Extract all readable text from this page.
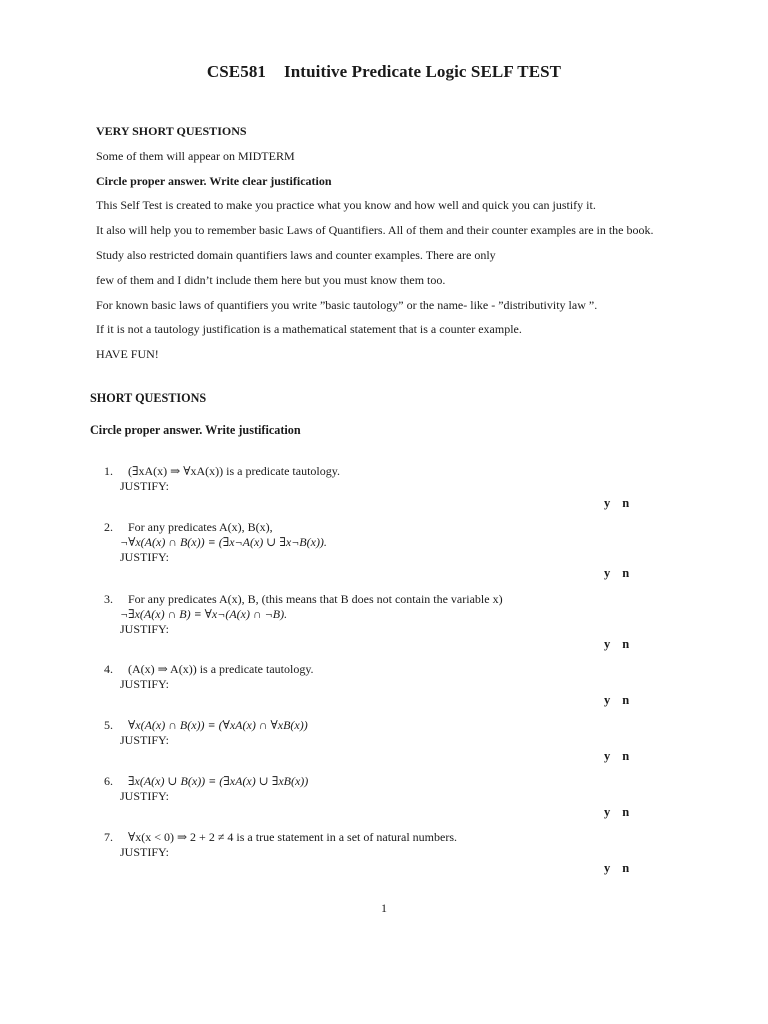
CSE581 Intuitive Predicate Logic SELF TEST
VERY SHORT QUESTIONS
Some of them will appear on MIDTERM
Circle proper answer. Write clear justification
This Self Test is created to make you practice what you know and how well and quick you can justify it.
It also will help you to remember basic Laws of Quantifiers. All of them and their counter examples are in the book.
Study also restricted domain quantifiers laws and counter examples. There are only
few of them and I didn’t include them here but you must know them too.
For known basic laws of quantifiers you write ”basic tautology” or the name- like - ”distributivity law ”.
If it is not a tautology justification is a mathematical statement that is a counter example.
HAVE FUN!
SHORT QUESTIONS
Circle proper answer. Write justification
1. (∃xA(x) ⇒ ∀xA(x)) is a predicate tautology.
JUSTIFY:
y n
2. For any predicates A(x), B(x),
¬∀x(A(x) ∩ B(x)) ≡ (∃x¬A(x) ∪ ∃x¬B(x)).
JUSTIFY:
y n
3. For any predicates A(x), B, (this means that B does not contain the variable x)
¬∃x(A(x) ∩ B) ≡ ∀x¬(A(x) ∩ ¬B).
JUSTIFY:
y n
4. (A(x) ⇒ A(x)) is a predicate tautology.
JUSTIFY:
y n
5. ∀x(A(x) ∩ B(x)) ≡ (∀xA(x) ∩ ∀xB(x))
JUSTIFY:
y n
6. ∃x(A(x) ∪ B(x)) ≡ (∃xA(x) ∪ ∃xB(x))
JUSTIFY:
y n
7. ∀x(x < 0) ⇒ 2 + 2 ≠ 4 is a true statement in a set of natural numbers.
JUSTIFY:
y n
1
